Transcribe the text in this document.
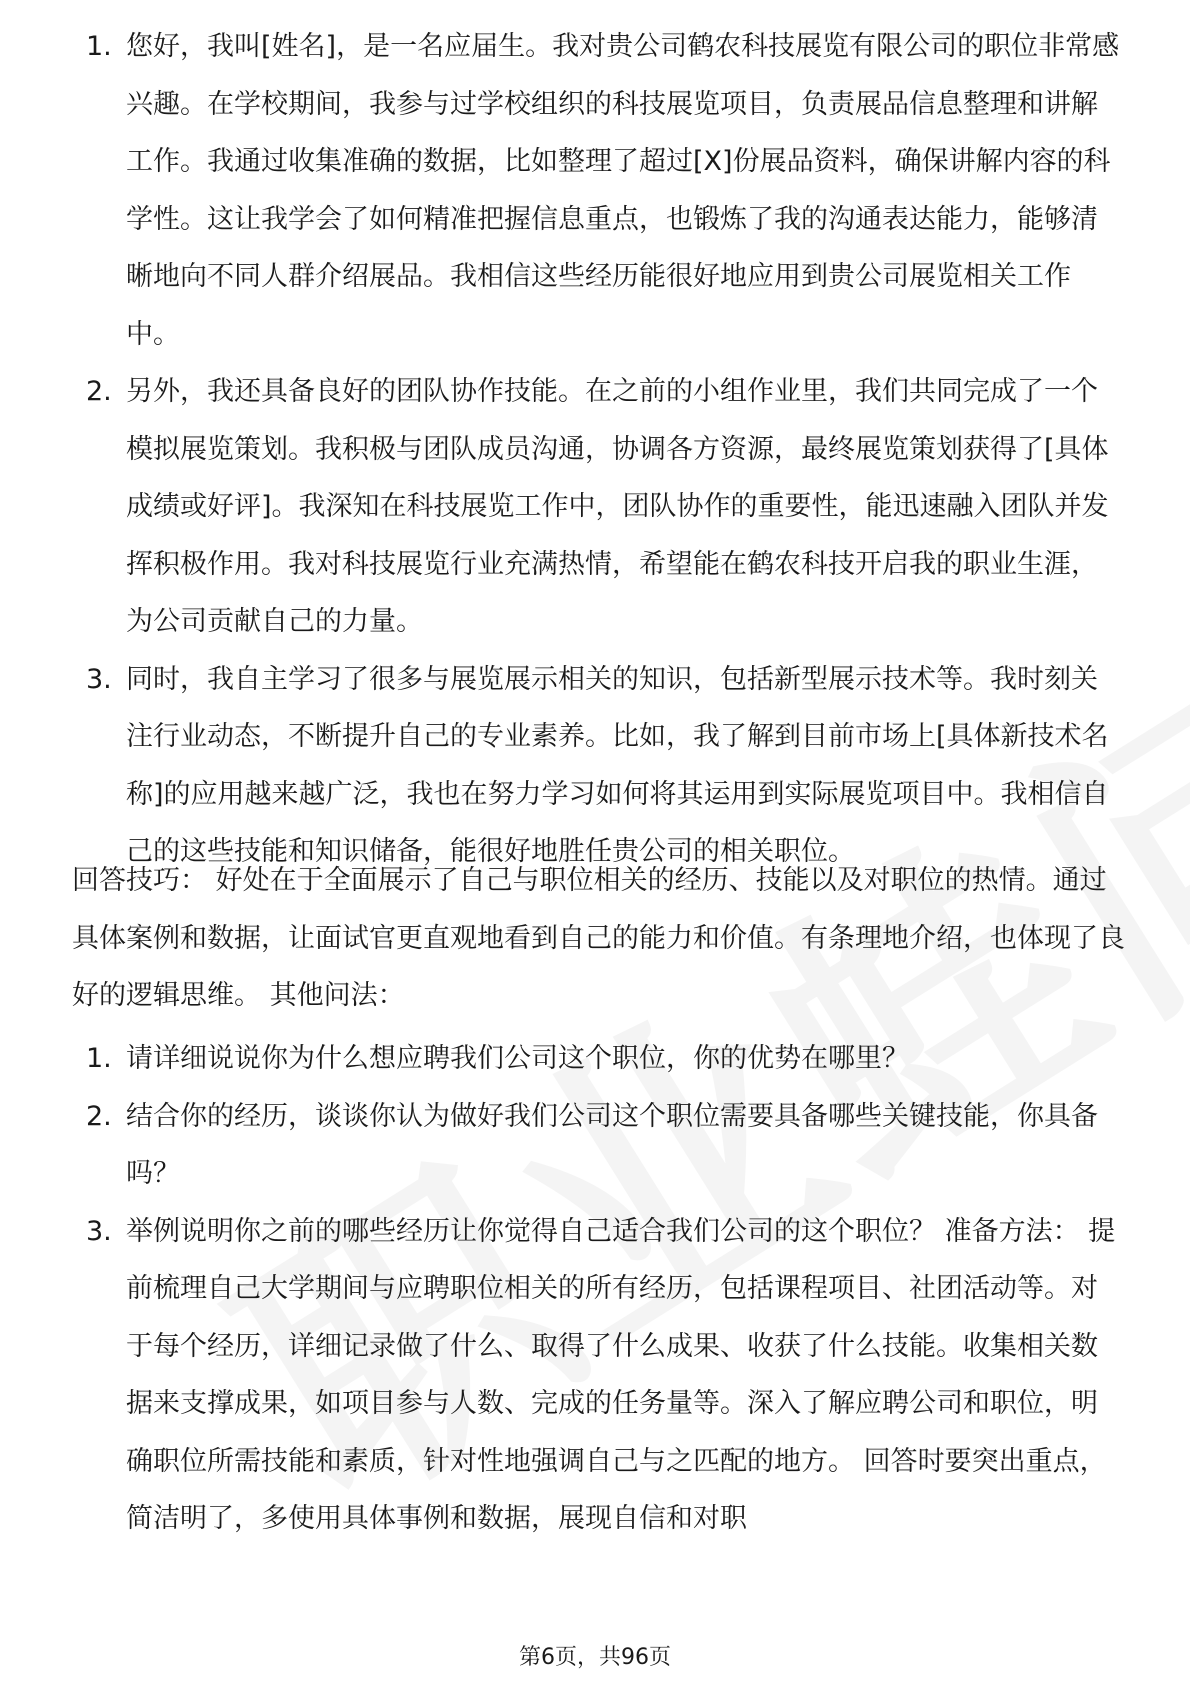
1. 您好，我叫[姓名]，是一名应届生。我对贵公司鹤农科技展览有限公司的职位非常感兴趣。在学校期间，我参与过学校组织的科技展览项目，负责展品信息整理和讲解工作。我通过收集准确的数据，比如整理了超过[X]份展品资料，确保讲解内容的科学性。这让我学会了如何精准把握信息重点，也锻炼了我的沟通表达能力，能够清晰地向不同人群介绍展品。我相信这些经历能很好地应用到贵公司展览相关工作中。
2. 另外，我还具备良好的团队协作技能。在之前的小组作业里，我们共同完成了一个模拟展览策划。我积极与团队成员沟通，协调各方资源，最终展览策划获得了[具体成绩或好评]。我深知在科技展览工作中，团队协作的重要性，能迅速融入团队并发挥积极作用。我对科技展览行业充满热情，希望能在鹤农科技开启我的职业生涯，为公司贡献自己的力量。
3. 同时，我自主学习了很多与展览展示相关的知识，包括新型展示技术等。我时刻关注行业动态，不断提升自己的专业素养。比如，我了解到目前市场上[具体新技术名称]的应用越来越广泛，我也在努力学习如何将其运用到实际展览项目中。我相信自己的这些技能和知识储备，能很好地胜任贵公司的相关职位。

回答技巧： 好处在于全面展示了自己与职位相关的经历、技能以及对职位的热情。通过具体案例和数据，让面试官更直观地看到自己的能力和价值。有条理地介绍，也体现了良好的逻辑思维。 其他问法：

1. 请详细说说你为什么想应聘我们公司这个职位，你的优势在哪里？
2. 结合你的经历，谈谈你认为做好我们公司这个职位需要具备哪些关键技能，你具备吗？
3. 举例说明你之前的哪些经历让你觉得自己适合我们公司的这个职位？ 准备方法： 提前梳理自己大学期间与应聘职位相关的所有经历，包括课程项目、社团活动等。对于每个经历，详细记录做了什么、取得了什么成果、收获了什么技能。收集相关数据来支撑成果，如项目参与人数、完成的任务量等。深入了解应聘公司和职位，明确职位所需技能和素质，针对性地强调自己与之匹配的地方。 回答时要突出重点，简洁明了，多使用具体事例和数据，展现自信和对职
第6页，共96页
